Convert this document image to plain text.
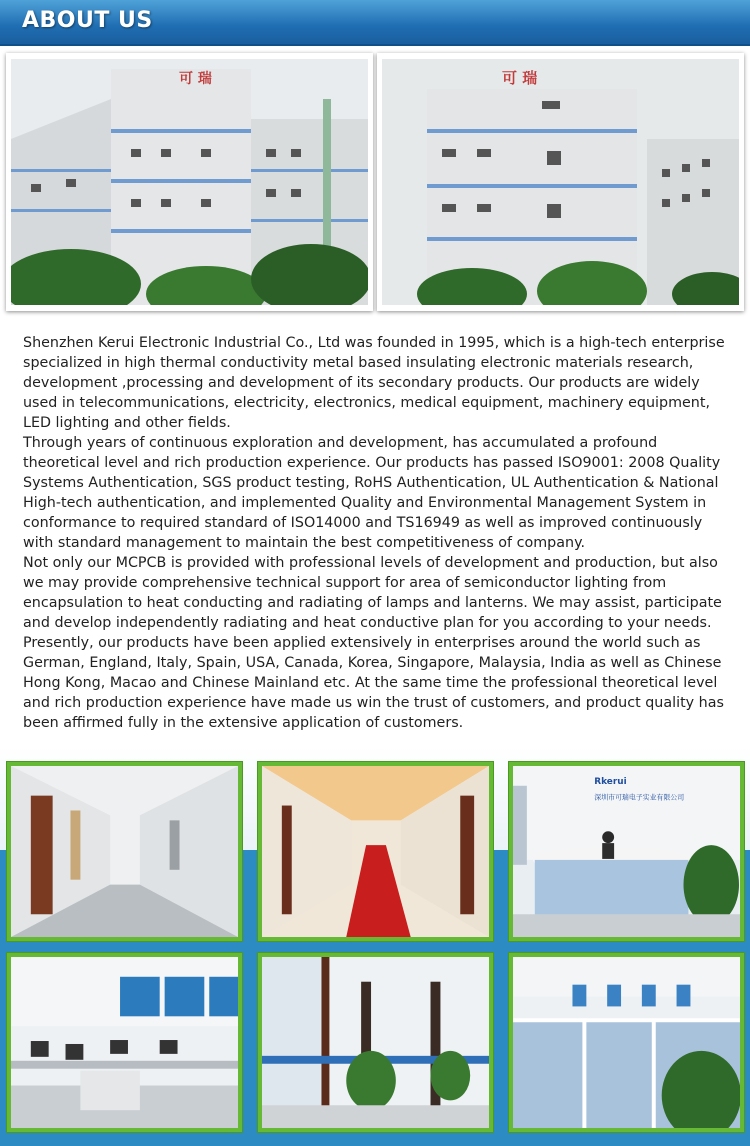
ABOUT US
可 瑞	可 瑞

Shenzhen Kerui Electronic Industrial Co., Ltd was founded in 1995, which is a high-tech enterprise specialized in high thermal conductivity metal based insulating electronic materials research, development ,processing and development of its secondary products. Our products are widely used in telecommunications, electricity, electronics, medical equipment, machinery equipment,

LED lighting and other fields.

Through years of continuous exploration and development, has accumulated a profound theoretical level and rich production experience. Our products has passed ISO9001: 2008 Quality Systems Authentication, SGS product testing, RoHS Authentication, UL Authentication & National High-tech authentication, and implemented Quality and Environmental Management System in conformance to required standard of ISO14000 and TS16949 as well as improved continuously with standard management to maintain the best competitiveness of company.

Not only our MCPCB is provided with professional levels of development and production, but also we may provide comprehensive technical support for area of semiconductor lighting from encapsulation to heat conducting and radiating of lamps and lanterns. We may assist, participate and develop independently radiating and heat conductive plan for you according to your needs.

Presently, our products have been applied extensively in enterprises around the world such as German, England, Italy, Spain, USA, Canada, Korea, Singapore, Malaysia, India as well as Chinese Hong Kong, Macao and Chinese Mainland etc. At the same time the professional theoretical level and rich production experience have made us win the trust of customers, and product quality has been affirmed fully in the extensive application of customers.

Rkerui
深圳市可瑞电子实业有限公司
